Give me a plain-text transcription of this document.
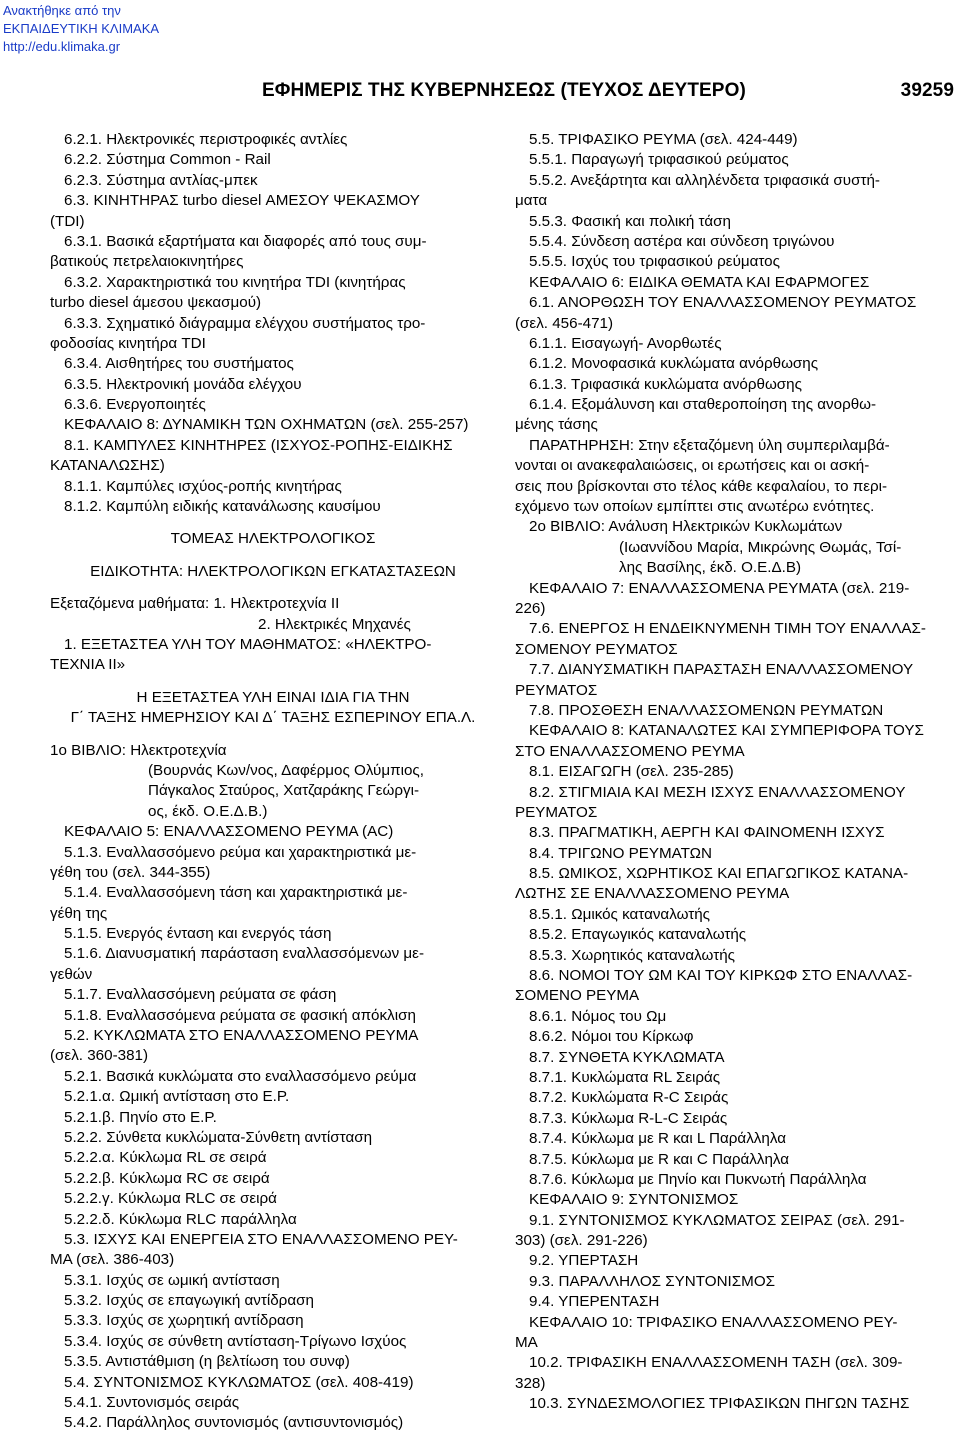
Ανακτήθηκε από την
ΕΚΠΑΙΔΕΥΤΙΚΗ ΚΛΙΜΑΚΑ
http://edu.klimaka.gr
ΕΦΗΜΕΡΙΣ ΤΗΣ ΚΥΒΕΡΝΗΣΕΩΣ (ΤΕΥΧΟΣ ΔΕΥΤΕΡΟ)	39259
6.2.1. Ηλεκτρονικές περιστροφικές αντλίες
6.2.2. Σύστημα Common - Rail
6.2.3. Σύστημα αντλίας-μπεκ
6.3. ΚΙΝΗΤΗΡΑΣ turbo diesel ΑΜΕΣΟΥ ΨΕΚΑΣΜΟΥ
(TDI)
6.3.1. Βασικά εξαρτήματα και διαφορές από τους συμ-
βατικούς πετρελαιοκινητήρες
6.3.2. Χαρακτηριστικά του κινητήρα TDI (κινητήρας
turbo diesel άμεσου ψεκασμού)
6.3.3. Σχηματικό διάγραμμα ελέγχου συστήματος τρο-
φοδοσίας κινητήρα TDI
6.3.4. Αισθητήρες του συστήματος
6.3.5. Ηλεκτρονική μονάδα ελέγχου
6.3.6. Ενεργοποιητές
ΚΕΦΑΛΑΙΟ 8: ΔΥΝΑΜΙΚΗ ΤΩΝ ΟΧΗΜΑΤΩΝ (σελ. 255-257)
8.1. ΚΑΜΠΥΛΕΣ ΚΙΝΗΤΗΡΕΣ (ΙΣΧΥΟΣ-ΡΟΠΗΣ-ΕΙΔΙΚΗΣ
ΚΑΤΑΝΑΛΩΣΗΣ)
8.1.1. Καμπύλες ισχύος-ροπής κινητήρας
8.1.2. Καμπύλη ειδικής κατανάλωσης καυσίμου
ΤΟΜΕΑΣ ΗΛΕΚΤΡΟΛΟΓΙΚΟΣ
ΕΙΔΙΚΟΤΗΤΑ: ΗΛΕΚΤΡΟΛΟΓΙΚΩΝ ΕΓΚΑΤΑΣΤΑΣΕΩΝ
Εξεταζόμενα μαθήματα: 1. Ηλεκτροτεχνία ΙΙ
2. Ηλεκτρικές Μηχανές
1. ΕΞΕΤΑΣΤΕΑ ΥΛΗ ΤΟΥ ΜΑΘΗΜΑΤΟΣ: «ΗΛΕΚΤΡΟ-
ΤΕΧΝΙΑ ΙΙ»
Η ΕΞΕΤΑΣΤΕΑ ΥΛΗ ΕΙΝΑΙ ΙΔΙΑ ΓΙΑ ΤΗΝ
Γ΄ ΤΑΞΗΣ ΗΜΕΡΗΣΙΟΥ ΚΑΙ Δ΄ ΤΑΞΗΣ ΕΣΠΕΡΙΝΟΥ ΕΠΑ.Λ.
1ο ΒΙΒΛΙΟ: Ηλεκτροτεχνία
(Βουρνάς Κων/νος, Δαφέρμος Ολύμπιος,
Πάγκαλος Σταύρος, Χατζαράκης Γεώργι-
ος, έκδ. Ο.Ε.Δ.Β.)
ΚΕΦΑΛΑΙΟ 5: ΕΝΑΛΛΑΣΣΟΜΕΝΟ ΡΕΥΜΑ (AC)
5.1.3. Εναλλασσόμενο ρεύμα και χαρακτηριστικά με-
γέθη του (σελ. 344-355)
5.1.4. Εναλλασσόμενη τάση και χαρακτηριστικά με-
γέθη της
5.1.5. Ενεργός ένταση και ενεργός τάση
5.1.6. Διανυσματική παράσταση εναλλασσόμενων με-
γεθών
5.1.7. Εναλλασσόμενη ρεύματα σε φάση
5.1.8. Εναλλασσόμενα ρεύματα σε φασική απόκλιση
5.2. ΚΥΚΛΩΜΑΤΑ ΣΤΟ ΕΝΑΛΛΑΣΣΟΜΕΝΟ ΡΕΥΜΑ
(σελ. 360-381)
5.2.1. Βασικά κυκλώματα στο εναλλασσόμενο ρεύμα
5.2.1.α. Ωμική αντίσταση στο Ε.Ρ.
5.2.1.β. Πηνίο στο Ε.Ρ.
5.2.2. Σύνθετα κυκλώματα-Σύνθετη αντίσταση
5.2.2.α. Κύκλωμα RL σε σειρά
5.2.2.β. Κύκλωμα RC σε σειρά
5.2.2.γ. Κύκλωμα RLC σε σειρά
5.2.2.δ. Κύκλωμα RLC παράλληλα
5.3. ΙΣΧΥΣ ΚΑΙ ΕΝΕΡΓΕΙΑ ΣΤΟ ΕΝΑΛΛΑΣΣΟΜΕΝΟ ΡΕΥ-
ΜΑ (σελ. 386-403)
5.3.1. Ισχύς σε ωμική αντίσταση
5.3.2. Ισχύς σε επαγωγική αντίδραση
5.3.3. Ισχύς σε χωρητική αντίδραση
5.3.4. Ισχύς σε σύνθετη αντίσταση-Τρίγωνο Ισχύος
5.3.5. Αντιστάθμιση (η βελτίωση του συνφ)
5.4. ΣΥΝΤΟΝΙΣΜΟΣ ΚΥΚΛΩΜΑΤΟΣ (σελ. 408-419)
5.4.1. Συντονισμός σειράς
5.4.2. Παράλληλος συντονισμός (αντισυντονισμός)
5.5. ΤΡΙΦΑΣΙΚΟ ΡΕΥΜΑ (σελ. 424-449)
5.5.1. Παραγωγή τριφασικού ρεύματος
5.5.2. Ανεξάρτητα και αλληλένδετα τριφασικά συστή-
ματα
5.5.3. Φασική και πολική τάση
5.5.4. Σύνδεση αστέρα και σύνδεση τριγώνου
5.5.5. Ισχύς του τριφασικού ρεύματος
ΚΕΦΑΛΑΙΟ 6: ΕΙΔΙΚΑ ΘΕΜΑΤΑ ΚΑΙ ΕΦΑΡΜΟΓΕΣ
6.1. ΑΝΟΡΘΩΣΗ ΤΟΥ ΕΝΑΛΛΑΣΣΟΜΕΝΟΥ ΡΕΥΜΑΤΟΣ
(σελ. 456-471)
6.1.1. Εισαγωγή- Ανορθωτές
6.1.2. Μονοφασικά κυκλώματα ανόρθωσης
6.1.3. Τριφασικά κυκλώματα ανόρθωσης
6.1.4. Εξομάλυνση και σταθεροποίηση της ανορθω-
μένης τάσης
ΠΑΡΑΤΗΡΗΣΗ: Στην εξεταζόμενη ύλη συμπεριλαμβά-
νονται οι ανακεφαλαιώσεις, οι ερωτήσεις και οι ασκή-
σεις που βρίσκονται στο τέλος κάθε κεφαλαίου, το περι-
εχόμενο των οποίων εμπίπτει στις ανωτέρω ενότητες.
2ο ΒΙΒΛΙΟ: Ανάλυση Ηλεκτρικών Κυκλωμάτων
(Ιωαννίδου Μαρία, Μικρώνης Θωμάς, Τσί-
λης Βασίλης, έκδ. Ο.Ε.Δ.Β)
ΚΕΦΑΛΑΙΟ 7: ΕΝΑΛΛΑΣΣΟΜΕΝΑ ΡΕΥΜΑΤΑ (σελ. 219-
226)
7.6. ΕΝΕΡΓΟΣ Η ΕΝΔΕΙΚΝΥΜΕΝΗ ΤΙΜΗ ΤΟΥ ΕΝΑΛΛΑΣ-
ΣΟΜΕΝΟΥ ΡΕΥΜΑΤΟΣ
7.7. ΔΙΑΝΥΣΜΑΤΙΚΗ ΠΑΡΑΣΤΑΣΗ ΕΝΑΛΛΑΣΣΟΜΕΝΟΥ
ΡΕΥΜΑΤΟΣ
7.8. ΠΡΟΣΘΕΣΗ ΕΝΑΛΛΑΣΣΟΜΕΝΩΝ ΡΕΥΜΑΤΩΝ
ΚΕΦΑΛΑΙΟ 8: ΚΑΤΑΝΑΛΩΤΕΣ ΚΑΙ ΣΥΜΠΕΡΙΦΟΡΑ ΤΟΥΣ
ΣΤΟ ΕΝΑΛΛΑΣΣΟΜΕΝΟ ΡΕΥΜΑ
8.1. ΕΙΣΑΓΩΓΗ (σελ. 235-285)
8.2. ΣΤΙΓΜΙΑΙΑ ΚΑΙ ΜΕΣΗ ΙΣΧΥΣ ΕΝΑΛΛΑΣΣΟΜΕΝΟΥ
ΡΕΥΜΑΤΟΣ
8.3. ΠΡΑΓΜΑΤΙΚΗ, ΑΕΡΓΗ ΚΑΙ ΦΑΙΝΟΜΕΝΗ ΙΣΧΥΣ
8.4. ΤΡΙΓΩΝΟ ΡΕΥΜΑΤΩΝ
8.5. ΩΜΙΚΟΣ, ΧΩΡΗΤΙΚΟΣ ΚΑΙ ΕΠΑΓΩΓΙΚΟΣ ΚΑΤΑΝΑ-
ΛΩΤΗΣ ΣΕ ΕΝΑΛΛΑΣΣΟΜΕΝΟ ΡΕΥΜΑ
8.5.1. Ωμικός καταναλωτής
8.5.2. Επαγωγικός καταναλωτής
8.5.3. Χωρητικός καταναλωτής
8.6. ΝΟΜΟΙ ΤΟΥ ΩΜ ΚΑΙ ΤΟΥ ΚΙΡΚΩΦ ΣΤΟ ΕΝΑΛΛΑΣ-
ΣΟΜΕΝΟ ΡΕΥΜΑ
8.6.1. Νόμος του Ωμ
8.6.2. Νόμοι του Κίρκωφ
8.7. ΣΥΝΘΕΤΑ ΚΥΚΛΩΜΑΤΑ
8.7.1. Κυκλώματα RL Σειράς
8.7.2. Κυκλώματα R-C Σειράς
8.7.3. Κύκλωμα R-L-C Σειράς
8.7.4. Κύκλωμα με R και L Παράλληλα
8.7.5. Κύκλωμα με R και C Παράλληλα
8.7.6. Κύκλωμα με Πηνίο και Πυκνωτή Παράλληλα
ΚΕΦΑΛΑΙΟ 9: ΣΥΝΤΟΝΙΣΜΟΣ
9.1. ΣΥΝΤΟΝΙΣΜΟΣ ΚΥΚΛΩΜΑΤΟΣ ΣΕΙΡΑΣ (σελ. 291-
303) (σελ. 291-226)
9.2. ΥΠΕΡΤΑΣΗ
9.3. ΠΑΡΑΛΛΗΛΟΣ ΣΥΝΤΟΝΙΣΜΟΣ
9.4. ΥΠΕΡΕΝΤΑΣΗ
ΚΕΦΑΛΑΙΟ 10: ΤΡΙΦΑΣΙΚΟ ΕΝΑΛΛΑΣΣΟΜΕΝΟ ΡΕΥ-
ΜΑ
10.2. ΤΡΙΦΑΣΙΚΗ ΕΝΑΛΛΑΣΣΟΜΕΝΗ ΤΑΣΗ (σελ. 309-
328)
10.3. ΣΥΝΔΕΣΜΟΛΟΓΙΕΣ ΤΡΙΦΑΣΙΚΩΝ ΠΗΓΩΝ ΤΑΣΗΣ
